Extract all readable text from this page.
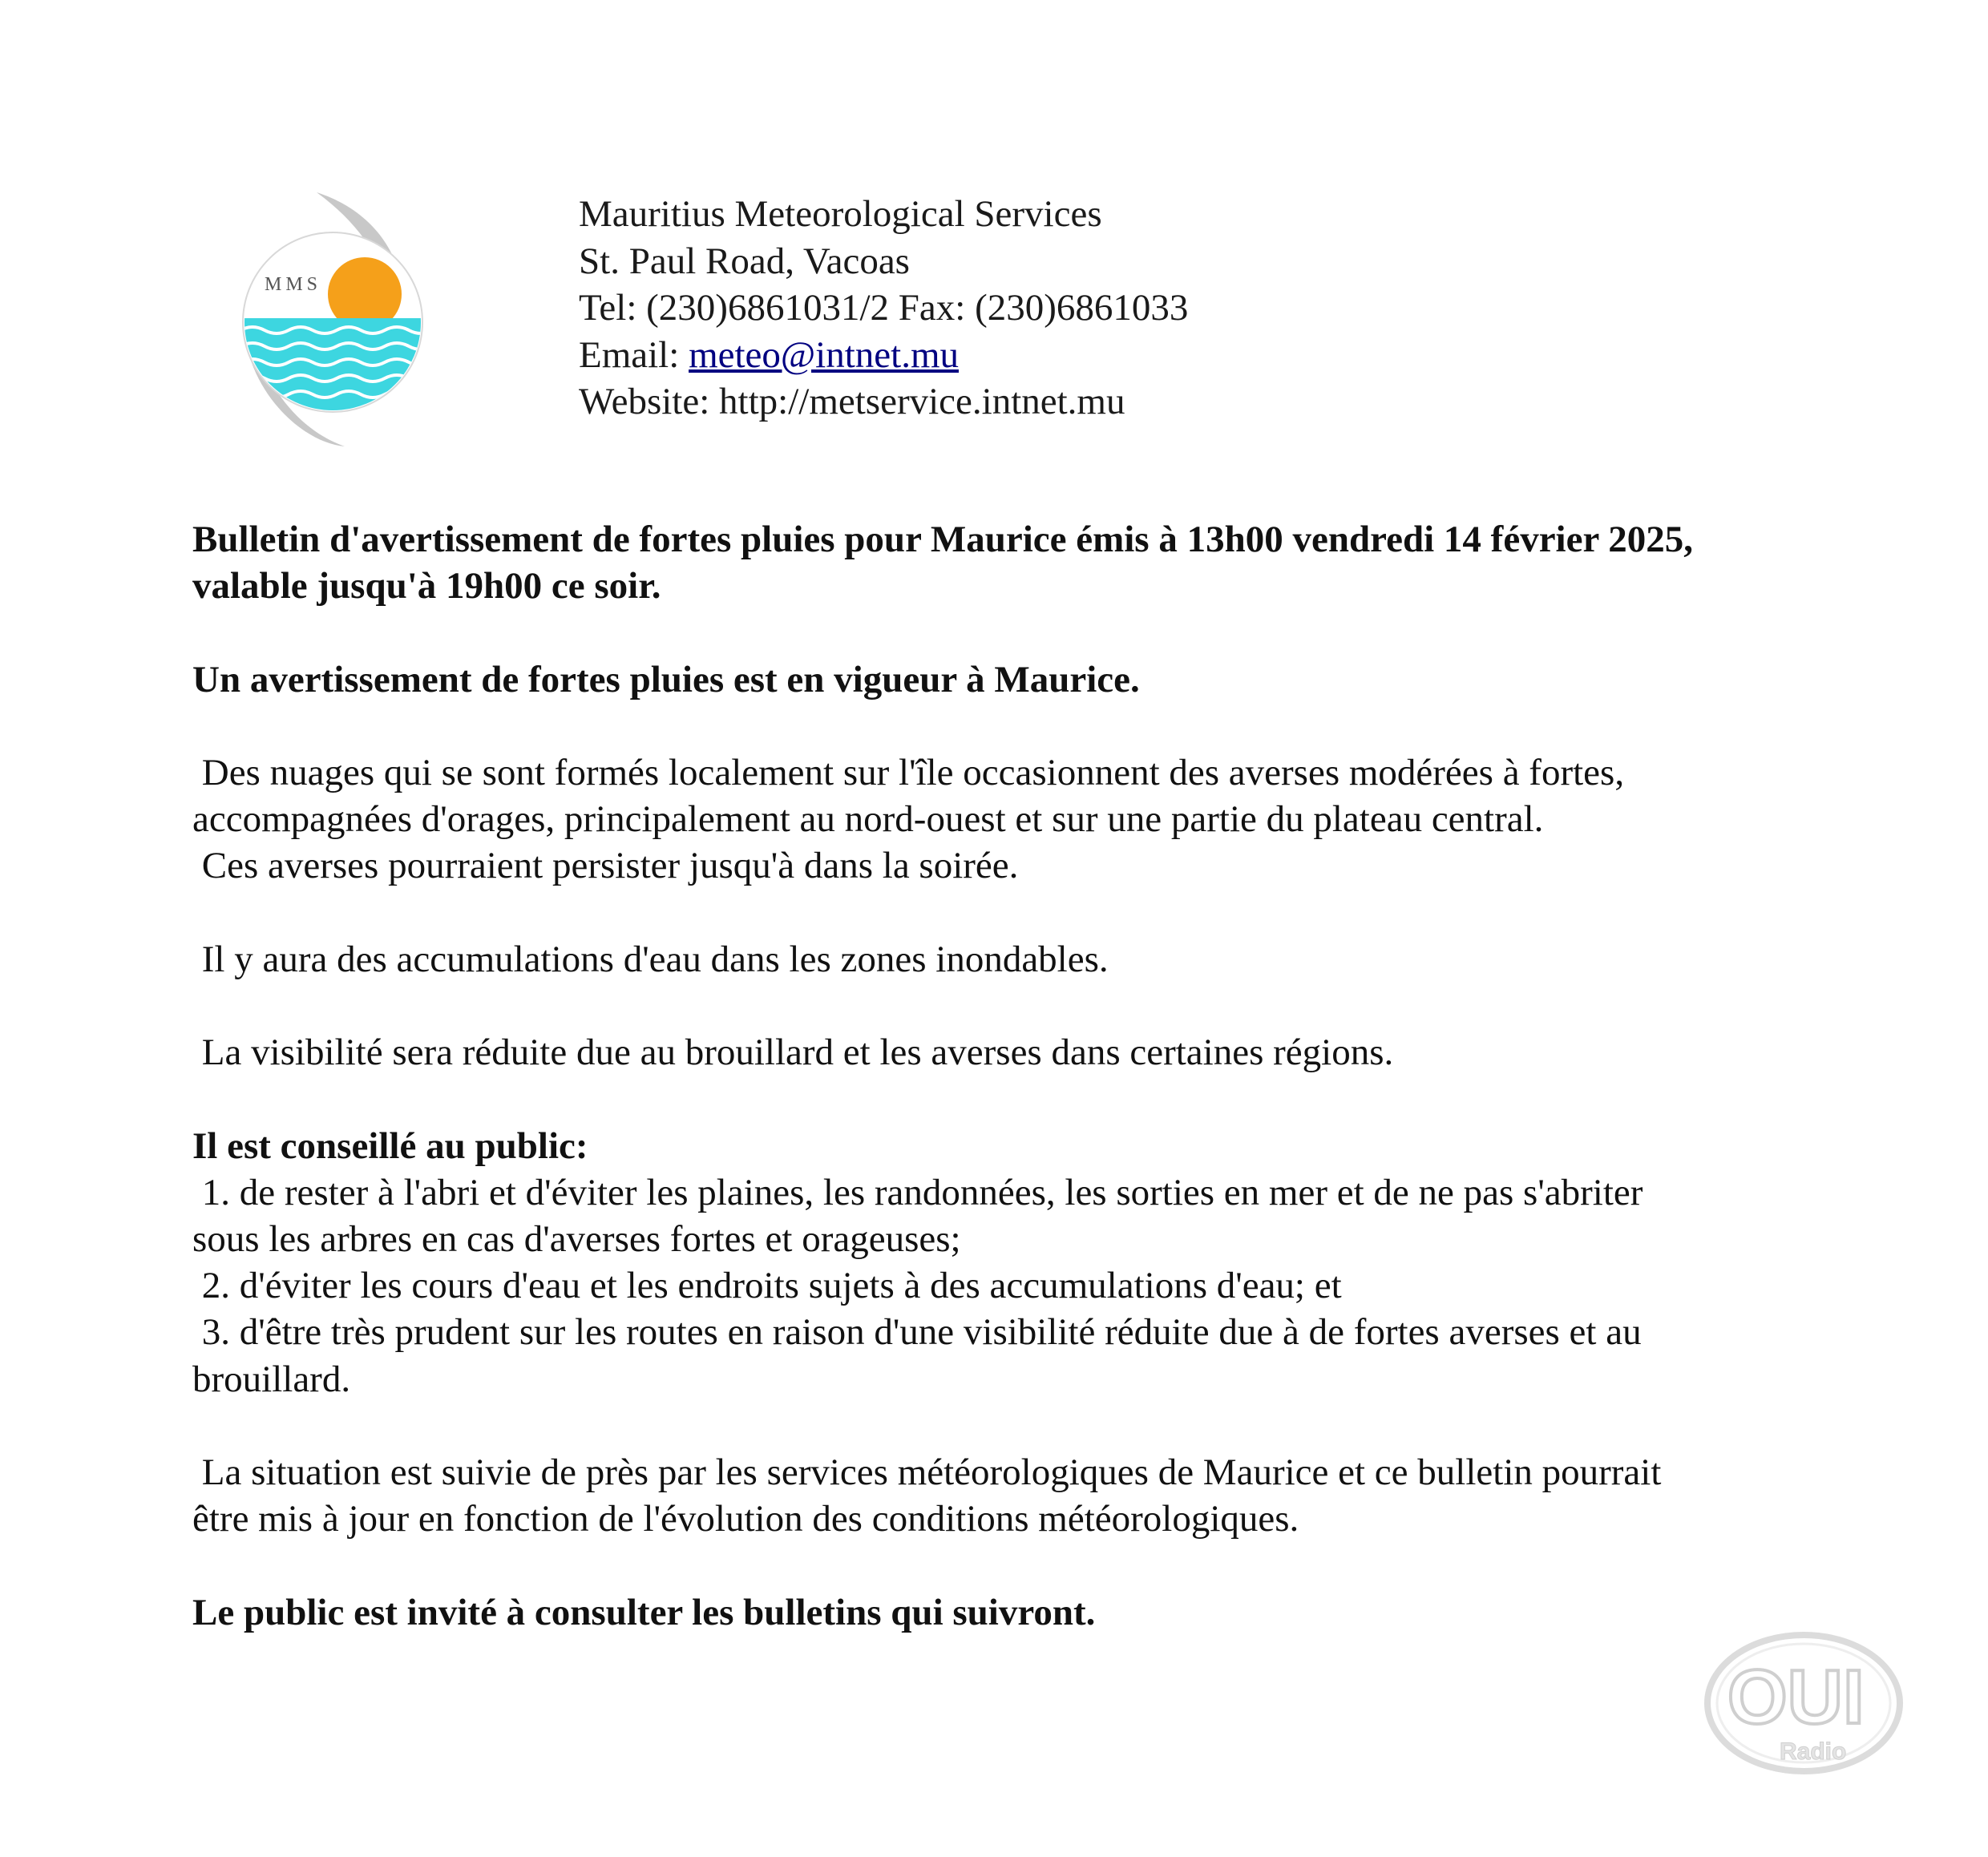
MMS
Mauritius Meteorological Services
St. Paul Road, Vacoas
Tel: (230)6861031/2 Fax: (230)6861033
Email: meteo@intnet.mu
Website: http://metservice.intnet.mu

Bulletin d'avertissement de fortes pluies pour Maurice émis à 13h00 vendredi 14 février 2025,
valable jusqu'à 19h00 ce soir.

Un avertissement de fortes pluies est en vigueur à Maurice.

Des nuages qui se sont formés localement sur l'île occasionnent des averses modérées à fortes,
accompagnées d'orages, principalement au nord-ouest et sur une partie du plateau central.
Ces averses pourraient persister jusqu'à dans la soirée.

Il y aura des accumulations d'eau dans les zones inondables.

La visibilité sera réduite due au brouillard et les averses dans certaines régions.

Il est conseillé au public:
1. de rester à l'abri et d'éviter les plaines, les randonnées, les sorties en mer et de ne pas s'abriter
sous les arbres en cas d'averses fortes et orageuses;
2. d'éviter les cours d'eau et les endroits sujets à des accumulations d'eau; et
3. d'être très prudent sur les routes en raison d'une visibilité réduite due à de fortes averses et au
brouillard.

La situation est suivie de près par les services météorologiques de Maurice et ce bulletin pourrait
être mis à jour en fonction de l'évolution des conditions météorologiques.

Le public est invité à consulter les bulletins qui suivront.

OUI
Radio
